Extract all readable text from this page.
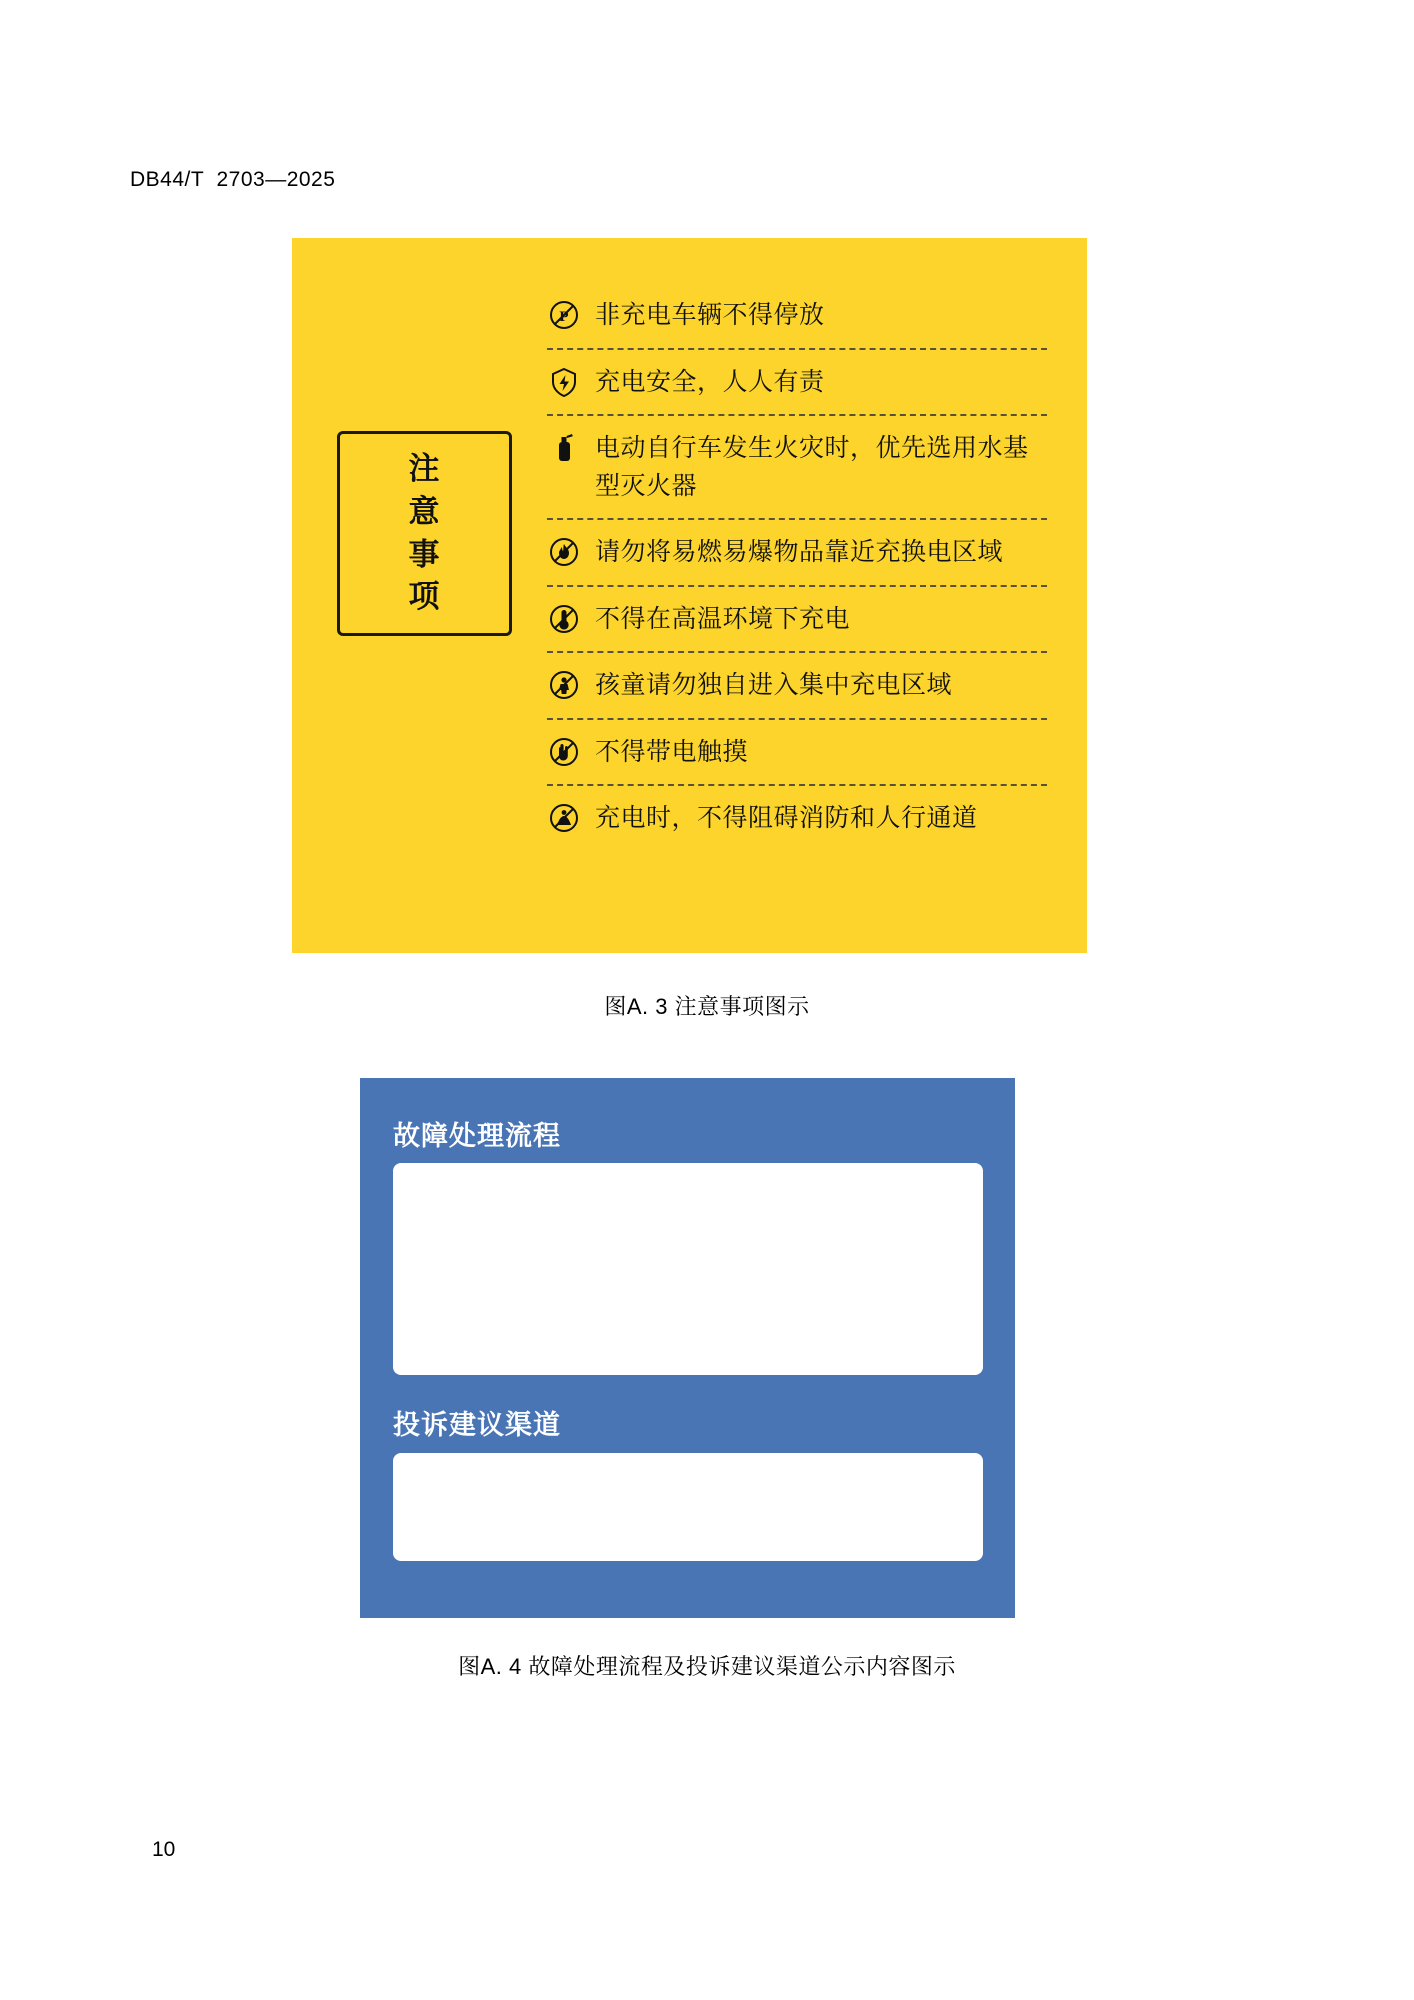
DB44/T  2703—2025
注
意
事
项
P 非充电车辆不得停放
充电安全，人人有责
电动自行车发生火灾时，优先选用水基型灭火器
请勿将易燃易爆物品靠近充换电区域
不得在高温环境下充电
孩童请勿独自进入集中充电区域
不得带电触摸
充电时，不得阻碍消防和人行通道
图A. 3 注意事项图示
故障处理流程
投诉建议渠道
图A. 4 故障处理流程及投诉建议渠道公示内容图示
10
